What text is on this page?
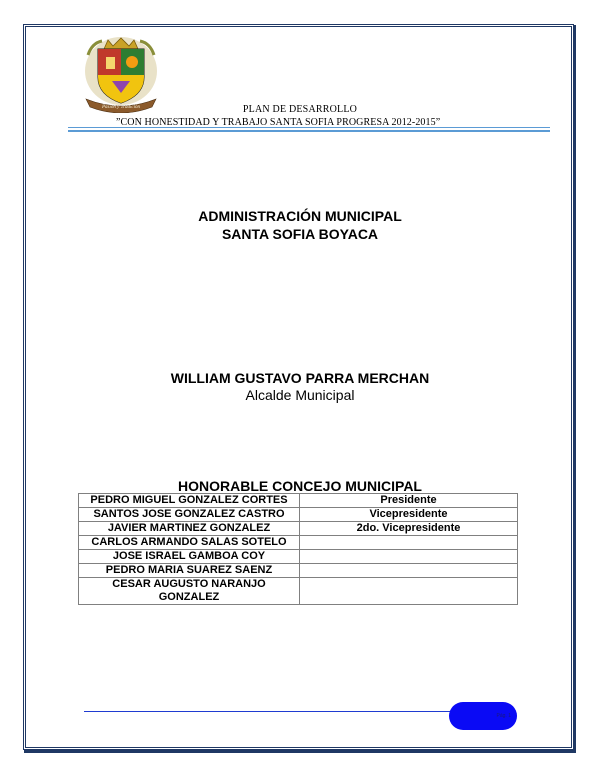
Pasión y Tradición	PLAN DE DESARROLLO
”CON HONESTIDAD Y TRABAJO SANTA SOFIA PROGRESA 2012-2015”
ADMINISTRACIÓN MUNICIPAL
SANTA SOFIA BOYACA
WILLIAM GUSTAVO PARRA MERCHAN
Alcalde Municipal
HONORABLE CONCEJO MUNICIPAL
PEDRO MIGUEL GONZALEZ CORTES	Presidente
SANTOS JOSE GONZALEZ CASTRO	Vicepresidente
JAVIER MARTINEZ GONZALEZ	2do. Vicepresidente
CARLOS ARMANDO SALAS SOTELO	
JOSE ISRAEL GAMBOA COY	
PEDRO MARIA SUAREZ SAENZ	
CESAR AUGUSTO NARANJO GONZALEZ	
Pág. 1
